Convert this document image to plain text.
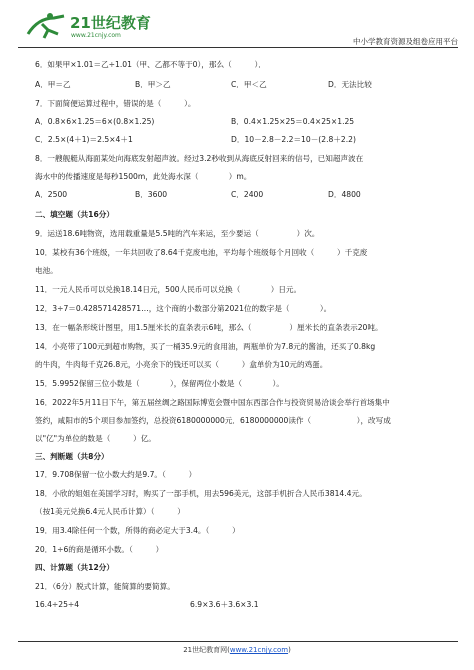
21世纪教育
www.21cnjy.com
中小学教育资源及组卷应用平台
6．如果甲×1.01＝乙÷1.01（甲、乙都不等于0），那么（　　　）．
A．甲＝乙	B．甲＞乙	C．甲＜乙	D．无法比较
7．下面简便运算过程中，错误的是（　　　）。
A．0.8×6×1.25＝6×(0.8×1.25)	B．0.4×1.25×25＝0.4×25×1.25
C．2.5×(4＋1)＝2.5×4＋1	D．10－2.8－2.2＝10－(2.8＋2.2)
8．一艘舰艇从海面某处向海底发射超声波。经过3.2秒收到从海底反射回来的信号，已知超声波在
海水中的传播速度是每秒1500m，此处海水深（　　　　）m。
A．2500	B．3600	C．2400	D．4800
二、填空题（共16分）
9．运送18.6吨物资，选用载重量是5.5吨的汽车来运，至少要运（　　　　　）次。
10．某校有36个班级，一年共回收了8.64千克废电池，平均每个班级每个月回收（　　　）千克废
电池。
11．一元人民币可以兑换18.14日元，500人民币可以兑换（　　　　）日元。
12．3÷7＝0.428571428571…，这个商的小数部分第2021位的数字是（　　　　）。
13．在一幅条形统计图里，用1.5厘米长的直条表示6吨，那么（　　　　　）厘米长的直条表示20吨。
14．小亮带了100元到超市购物，买了一桶35.9元的食用油，两瓶单价为7.8元的酱油，还买了0.8kg
的牛肉，牛肉每千克26.8元，小亮余下的钱还可以买（　　　）盒单价为10元的鸡蛋。
15．5.9952保留三位小数是（　　　　），保留两位小数是（　　　　）。
16．2022年5月11日下午，第五届丝绸之路国际博览会暨中国东西部合作与投资贸易洽谈会举行首场集中
签约，咸阳市的5个项目参加签约，总投资6180000000元．6180000000读作（　　　　　　），改写成
以"亿"为单位的数是（　　　）亿。
三、判断题（共8分）
17．9.708保留一位小数大约是9.7。（　　　）
18．小欣的姐姐在美国学习时，购买了一部手机，用去596美元，这部手机折合人民币3814.4元。
（按1美元兑换6.4元人民币计算）（　　　）
19．用3.4除任何一个数，所得的商必定大于3.4。（　　　）
20．1÷6的商是循环小数。（　　　）
四、计算题（共12分）
21．（6分）脱式计算，能简算的要简算。
16.4÷25÷4	6.9×3.6＋3.6×3.1
21世纪教育网(www.21cnjy.com)
